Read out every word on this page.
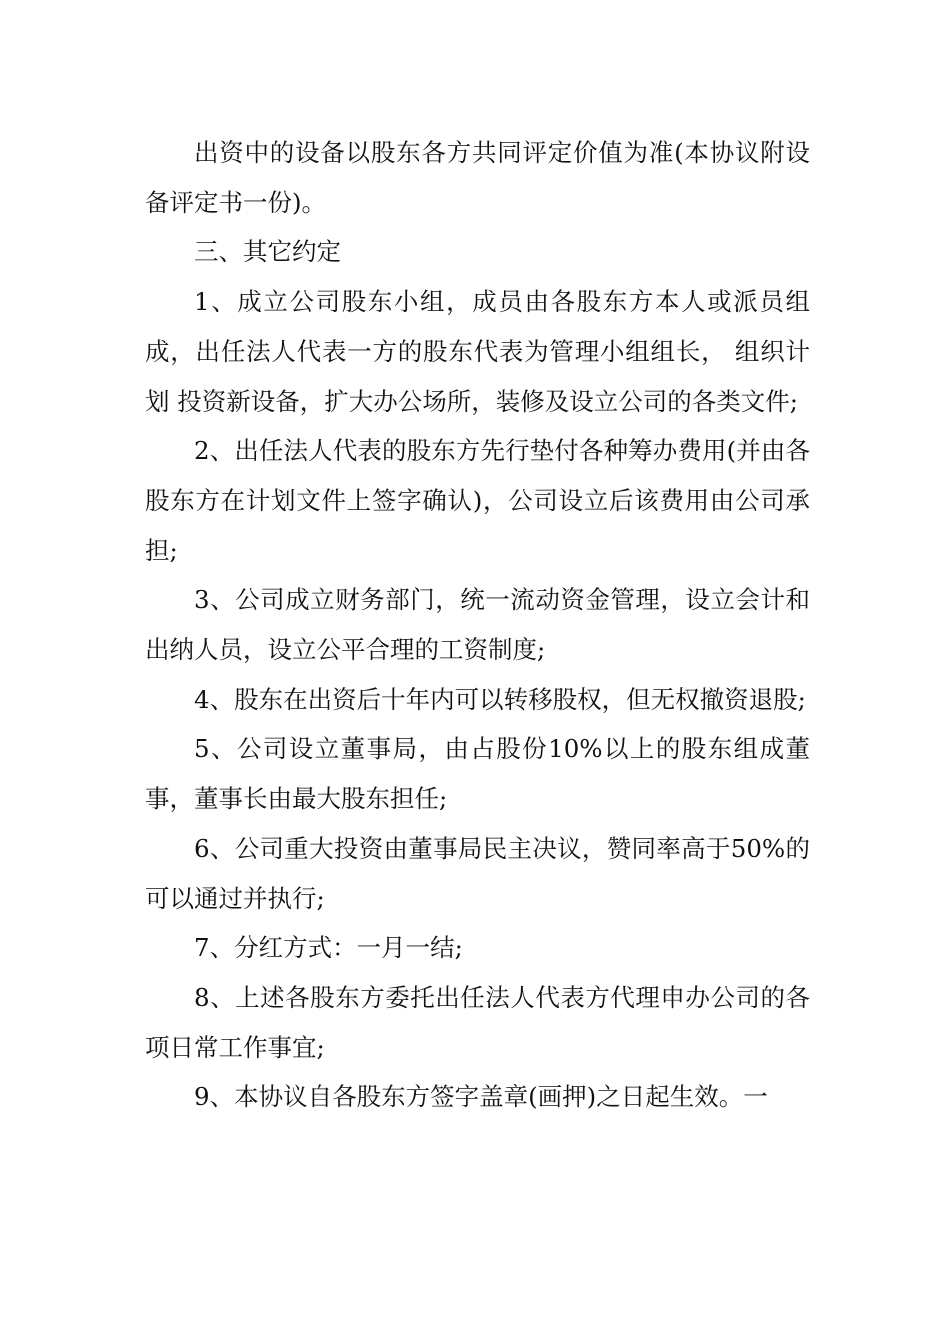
出资中的设备以股东各方共同评定价值为准(本协议附设备评定书一份)。

三、其它约定

1、成立公司股东小组，成员由各股东方本人或派员组成，出任法人代表一方的股东代表为管理小组组长， 组织计划 投资新设备，扩大办公场所，装修及设立公司的各类文件;

2、出任法人代表的股东方先行垫付各种筹办费用(并由各股东方在计划文件上签字确认)，公司设立后该费用由公司承担;

3、公司成立财务部门，统一流动资金管理，设立会计和出纳人员，设立公平合理的工资制度;

4、股东在出资后十年内可以转移股权，但无权撤资退股;

5、公司设立董事局，由占股份10%以上的股东组成董事，董事长由最大股东担任;

6、公司重大投资由董事局民主决议，赞同率高于50%的可以通过并执行;

7、分红方式：一月一结;

8、上述各股东方委托出任法人代表方代理申办公司的各项日常工作事宜;

9、本协议自各股东方签字盖章(画押)之日起生效。一
